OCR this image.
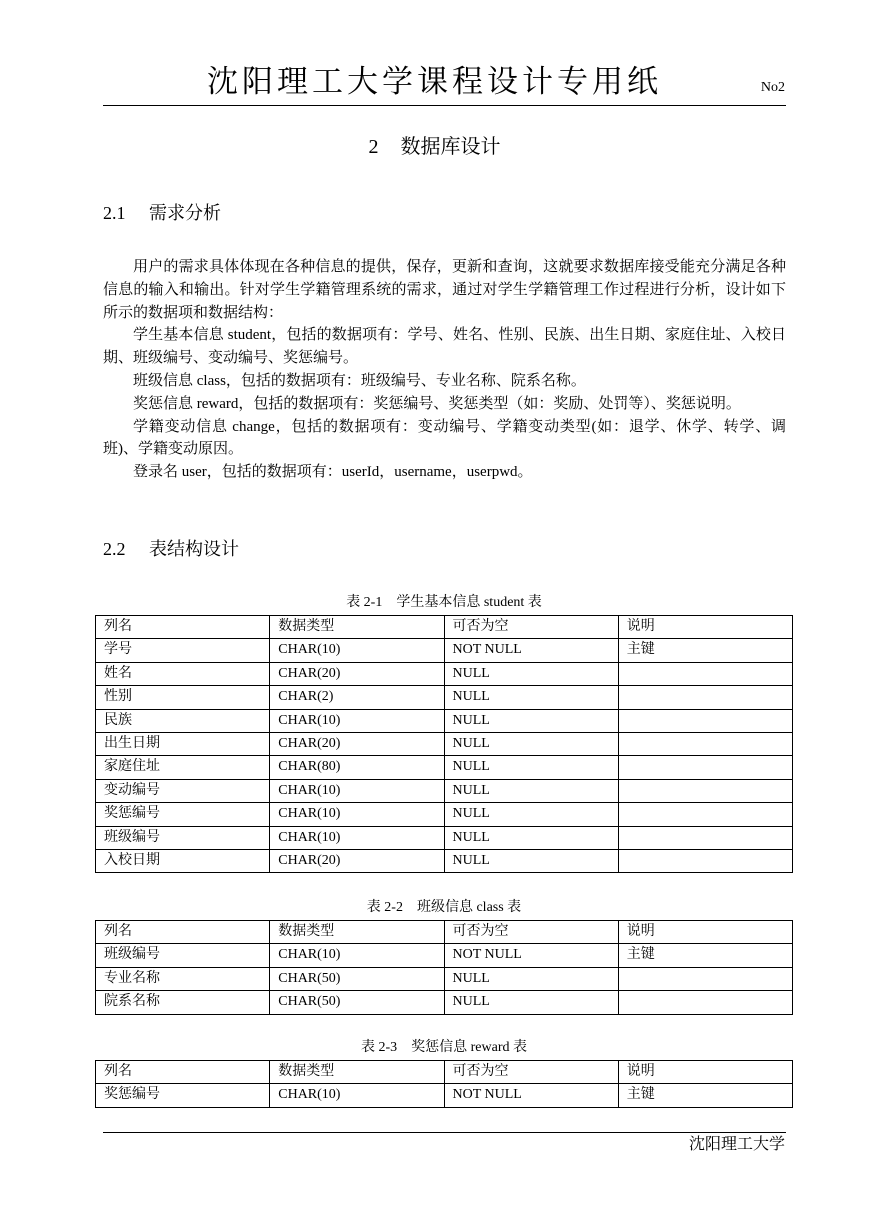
沈阳理工大学课程设计专用纸	No2
2 数据库设计
2.1 需求分析

用户的需求具体体现在各种信息的提供，保存，更新和查询，这就要求数据库接受能充分满足各种信息的输入和输出。针对学生学籍管理系统的需求，通过对学生学籍管理工作过程进行分析，设计如下所示的数据项和数据结构：

学生基本信息 student，包括的数据项有：学号、姓名、性别、民族、出生日期、家庭住址、入校日期、班级编号、变动编号、奖惩编号。

班级信息 class，包括的数据项有：班级编号、专业名称、院系名称。

奖惩信息 reward，包括的数据项有：奖惩编号、奖惩类型（如：奖励、处罚等）、奖惩说明。

学籍变动信息 change，包括的数据项有：变动编号、学籍变动类型(如：退学、休学、转学、调班)、学籍变动原因。

登录名 user，包括的数据项有：userId，username，userpwd。

2.2 表结构设计
表 2-1 学生基本信息 student 表
列名	数据类型	可否为空	说明
学号	CHAR(10)	NOT NULL	主键
姓名	CHAR(20)	NULL	
性别	CHAR(2)	NULL	
民族	CHAR(10)	NULL	
出生日期	CHAR(20)	NULL	
家庭住址	CHAR(80)	NULL	
变动编号	CHAR(10)	NULL	
奖惩编号	CHAR(10)	NULL	
班级编号	CHAR(10)	NULL	
入校日期	CHAR(20)	NULL	
表 2-2 班级信息 class 表
列名	数据类型	可否为空	说明
班级编号	CHAR(10)	NOT NULL	主键
专业名称	CHAR(50)	NULL	
院系名称	CHAR(50)	NULL	
表 2-3 奖惩信息 reward 表
列名	数据类型	可否为空	说明
奖惩编号	CHAR(10)	NOT NULL	主键
沈阳理工大学
